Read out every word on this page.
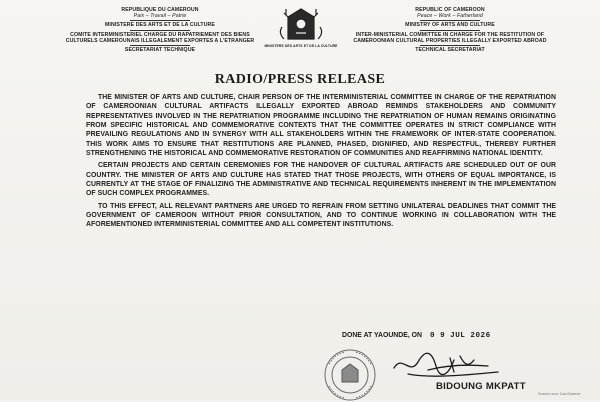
REPUBLIQUE DU CAMEROUN
Paix – Travail – Patrie
MINISTERE DES ARTS ET DE LA CULTURE
COMITE INTERMINISTERIEL CHARGE DU RAPATRIEMENT DES BIENS CULTURELS CAMEROUNAIS ILLEGALEMENT EXPORTES A L'ETRANGER
SECRETARIAT TECHNIQUE
MINISTERE DES ARTS ET DE LA CULTURE
REPUBLIC OF CAMEROON
Peace – Work – Fatherland
MINISTRY OF ARTS AND CULTURE
INTER-MINISTERIAL COMMITTEE IN CHARGE FOR THE RESTITUTION OF CAMEROONIAN CULTURAL PROPERTIES ILLEGALLY EXPORTED ABROAD
TECHNICAL SECRETARIAT
RADIO/PRESS RELEASE

THE MINISTER OF ARTS AND CULTURE, CHAIR PERSON OF THE INTERMINISTERIAL COMMITTEE IN CHARGE OF THE REPATRIATION OF CAMEROONIAN CULTURAL ARTIFACTS ILLEGALLY EXPORTED ABROAD REMINDS STAKEHOLDERS AND COMMUNITY REPRESENTATIVES INVOLVED IN THE REPATRIATION PROGRAMME INCLUDING THE REPATRIATION OF HUMAN REMAINS ORIGINATING FROM SPECIFIC HISTORICAL AND COMMEMORATIVE CONTEXTS THAT THE COMMITTEE OPERATES IN STRICT COMPLIANCE WITH PREVAILING REGULATIONS AND IN SYNERGY WITH ALL STAKEHOLDERS WITHIN THE FRAMEWORK OF INTER-STATE COOPERATION. THIS WORK AIMS TO ENSURE THAT RESTITUTIONS ARE PLANNED, PHASED, DIGNIFIED, AND RESPECTFUL, THEREBY FURTHER STRENGTHENING THE HISTORICAL AND COMMEMORATIVE RESTORATION OF COMMUNITIES AND REAFFIRMING NATIONAL IDENTITY.

CERTAIN PROJECTS AND CERTAIN CEREMONIES FOR THE HANDOVER OF CULTURAL ARTIFACTS ARE SCHEDULED OUT OF OUR COUNTRY. THE MINISTER OF ARTS AND CULTURE HAS STATED THAT THOSE PROJECTS, WITH OTHERS OF EQUAL IMPORTANCE, IS CURRENTLY AT THE STAGE OF FINALIZING THE ADMINISTRATIVE AND TECHNICAL REQUIREMENTS INHERENT IN THE IMPLEMENTATION OF SUCH COMPLEX PROGRAMMES.

TO THIS EFFECT, ALL RELEVANT PARTNERS ARE URGED TO REFRAIN FROM SETTING UNILATERAL DEADLINES THAT COMMIT THE GOVERNMENT OF CAMEROON WITHOUT PRIOR CONSULTATION, AND TO CONTINUE WORKING IN COLLABORATION WITH THE AFOREMENTIONED INTERMINISTERIAL COMMITTEE AND ALL COMPETENT INSTITUTIONS.

DONE AT YAOUNDE, ON 0 9 JUL 2026
BIDOUNG MKPATT
Scanné avec CamScanner
